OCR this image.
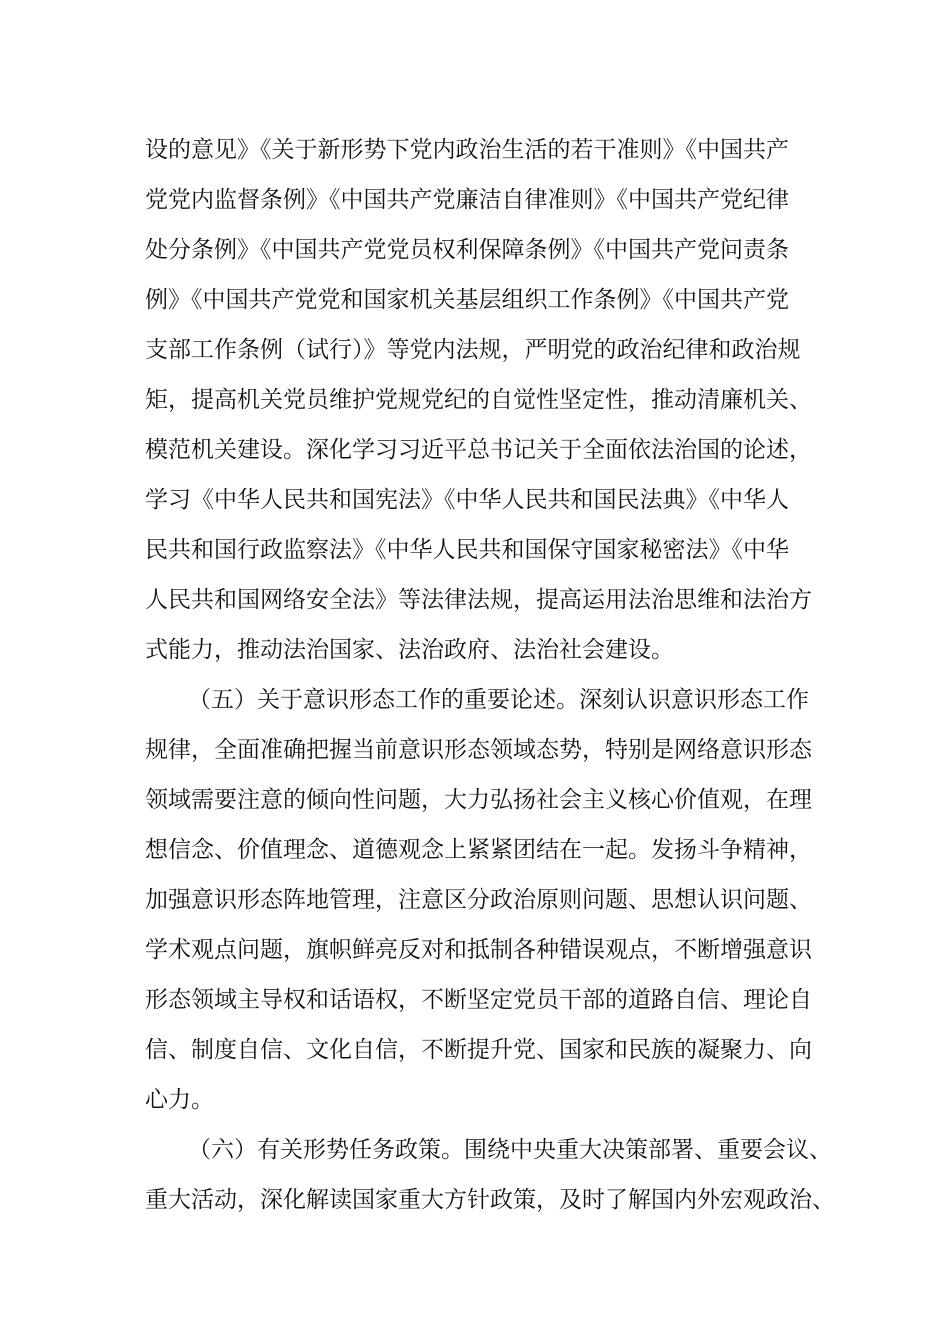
设的意见》《关于新形势下党内政治生活的若干准则》《中国共产
党党内监督条例》《中国共产党廉洁自律准则》《中国共产党纪律
处分条例》《中国共产党党员权利保障条例》《中国共产党问责条
例》《中国共产党党和国家机关基层组织工作条例》《中国共产党
支部工作条例（试行）》等党内法规，严明党的政治纪律和政治规
矩，提高机关党员维护党规党纪的自觉性坚定性，推动清廉机关、
模范机关建设。深化学习习近平总书记关于全面依法治国的论述，
学习《中华人民共和国宪法》《中华人民共和国民法典》《中华人
民共和国行政监察法》《中华人民共和国保守国家秘密法》《中华
人民共和国网络安全法》等法律法规，提高运用法治思维和法治方
式能力，推动法治国家、法治政府、法治社会建设。
（五）关于意识形态工作的重要论述。深刻认识意识形态工作
规律，全面准确把握当前意识形态领域态势，特别是网络意识形态
领域需要注意的倾向性问题，大力弘扬社会主义核心价值观，在理
想信念、价值理念、道德观念上紧紧团结在一起。发扬斗争精神，
加强意识形态阵地管理，注意区分政治原则问题、思想认识问题、
学术观点问题，旗帜鲜亮反对和抵制各种错误观点，不断增强意识
形态领域主导权和话语权，不断坚定党员干部的道路自信、理论自
信、制度自信、文化自信，不断提升党、国家和民族的凝聚力、向
心力。
（六）有关形势任务政策。围绕中央重大决策部署、重要会议、
重大活动，深化解读国家重大方针政策，及时了解国内外宏观政治、
